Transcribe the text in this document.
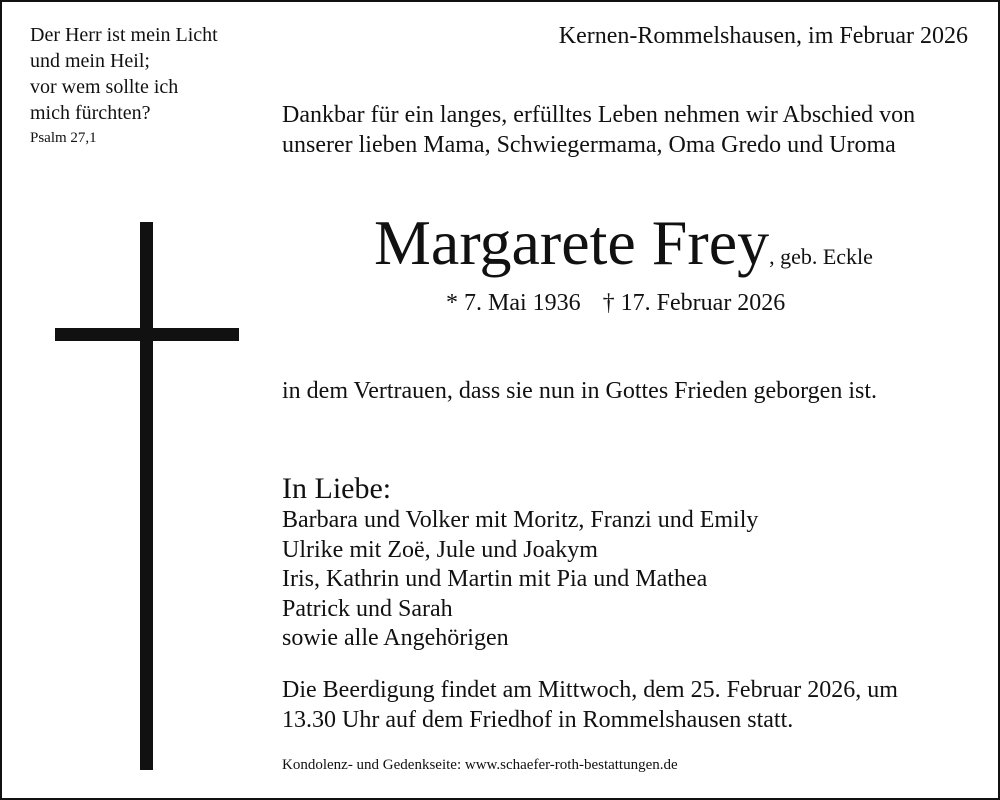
Der Herr ist mein Licht
und mein Heil;
vor wem sollte ich
mich fürchten?
Psalm 27,1
Kernen-Rommelshausen, im Februar 2026
Dankbar für ein langes, erfülltes Leben nehmen wir Abschied von
unserer lieben Mama, Schwiegermama, Oma Gredo und Uroma
Margarete Frey, geb. Eckle
* 7. Mai 1936 † 17. Februar 2026
in dem Vertrauen, dass sie nun in Gottes Frieden geborgen ist.
In Liebe:
Barbara und Volker mit Moritz, Franzi und Emily
Ulrike mit Zoë, Jule und Joakym
Iris, Kathrin und Martin mit Pia und Mathea
Patrick und Sarah
sowie alle Angehörigen
Die Beerdigung findet am Mittwoch, dem 25. Februar 2026, um
13.30 Uhr auf dem Friedhof in Rommelshausen statt.
Kondolenz- und Gedenkseite: www.schaefer-roth-bestattungen.de
